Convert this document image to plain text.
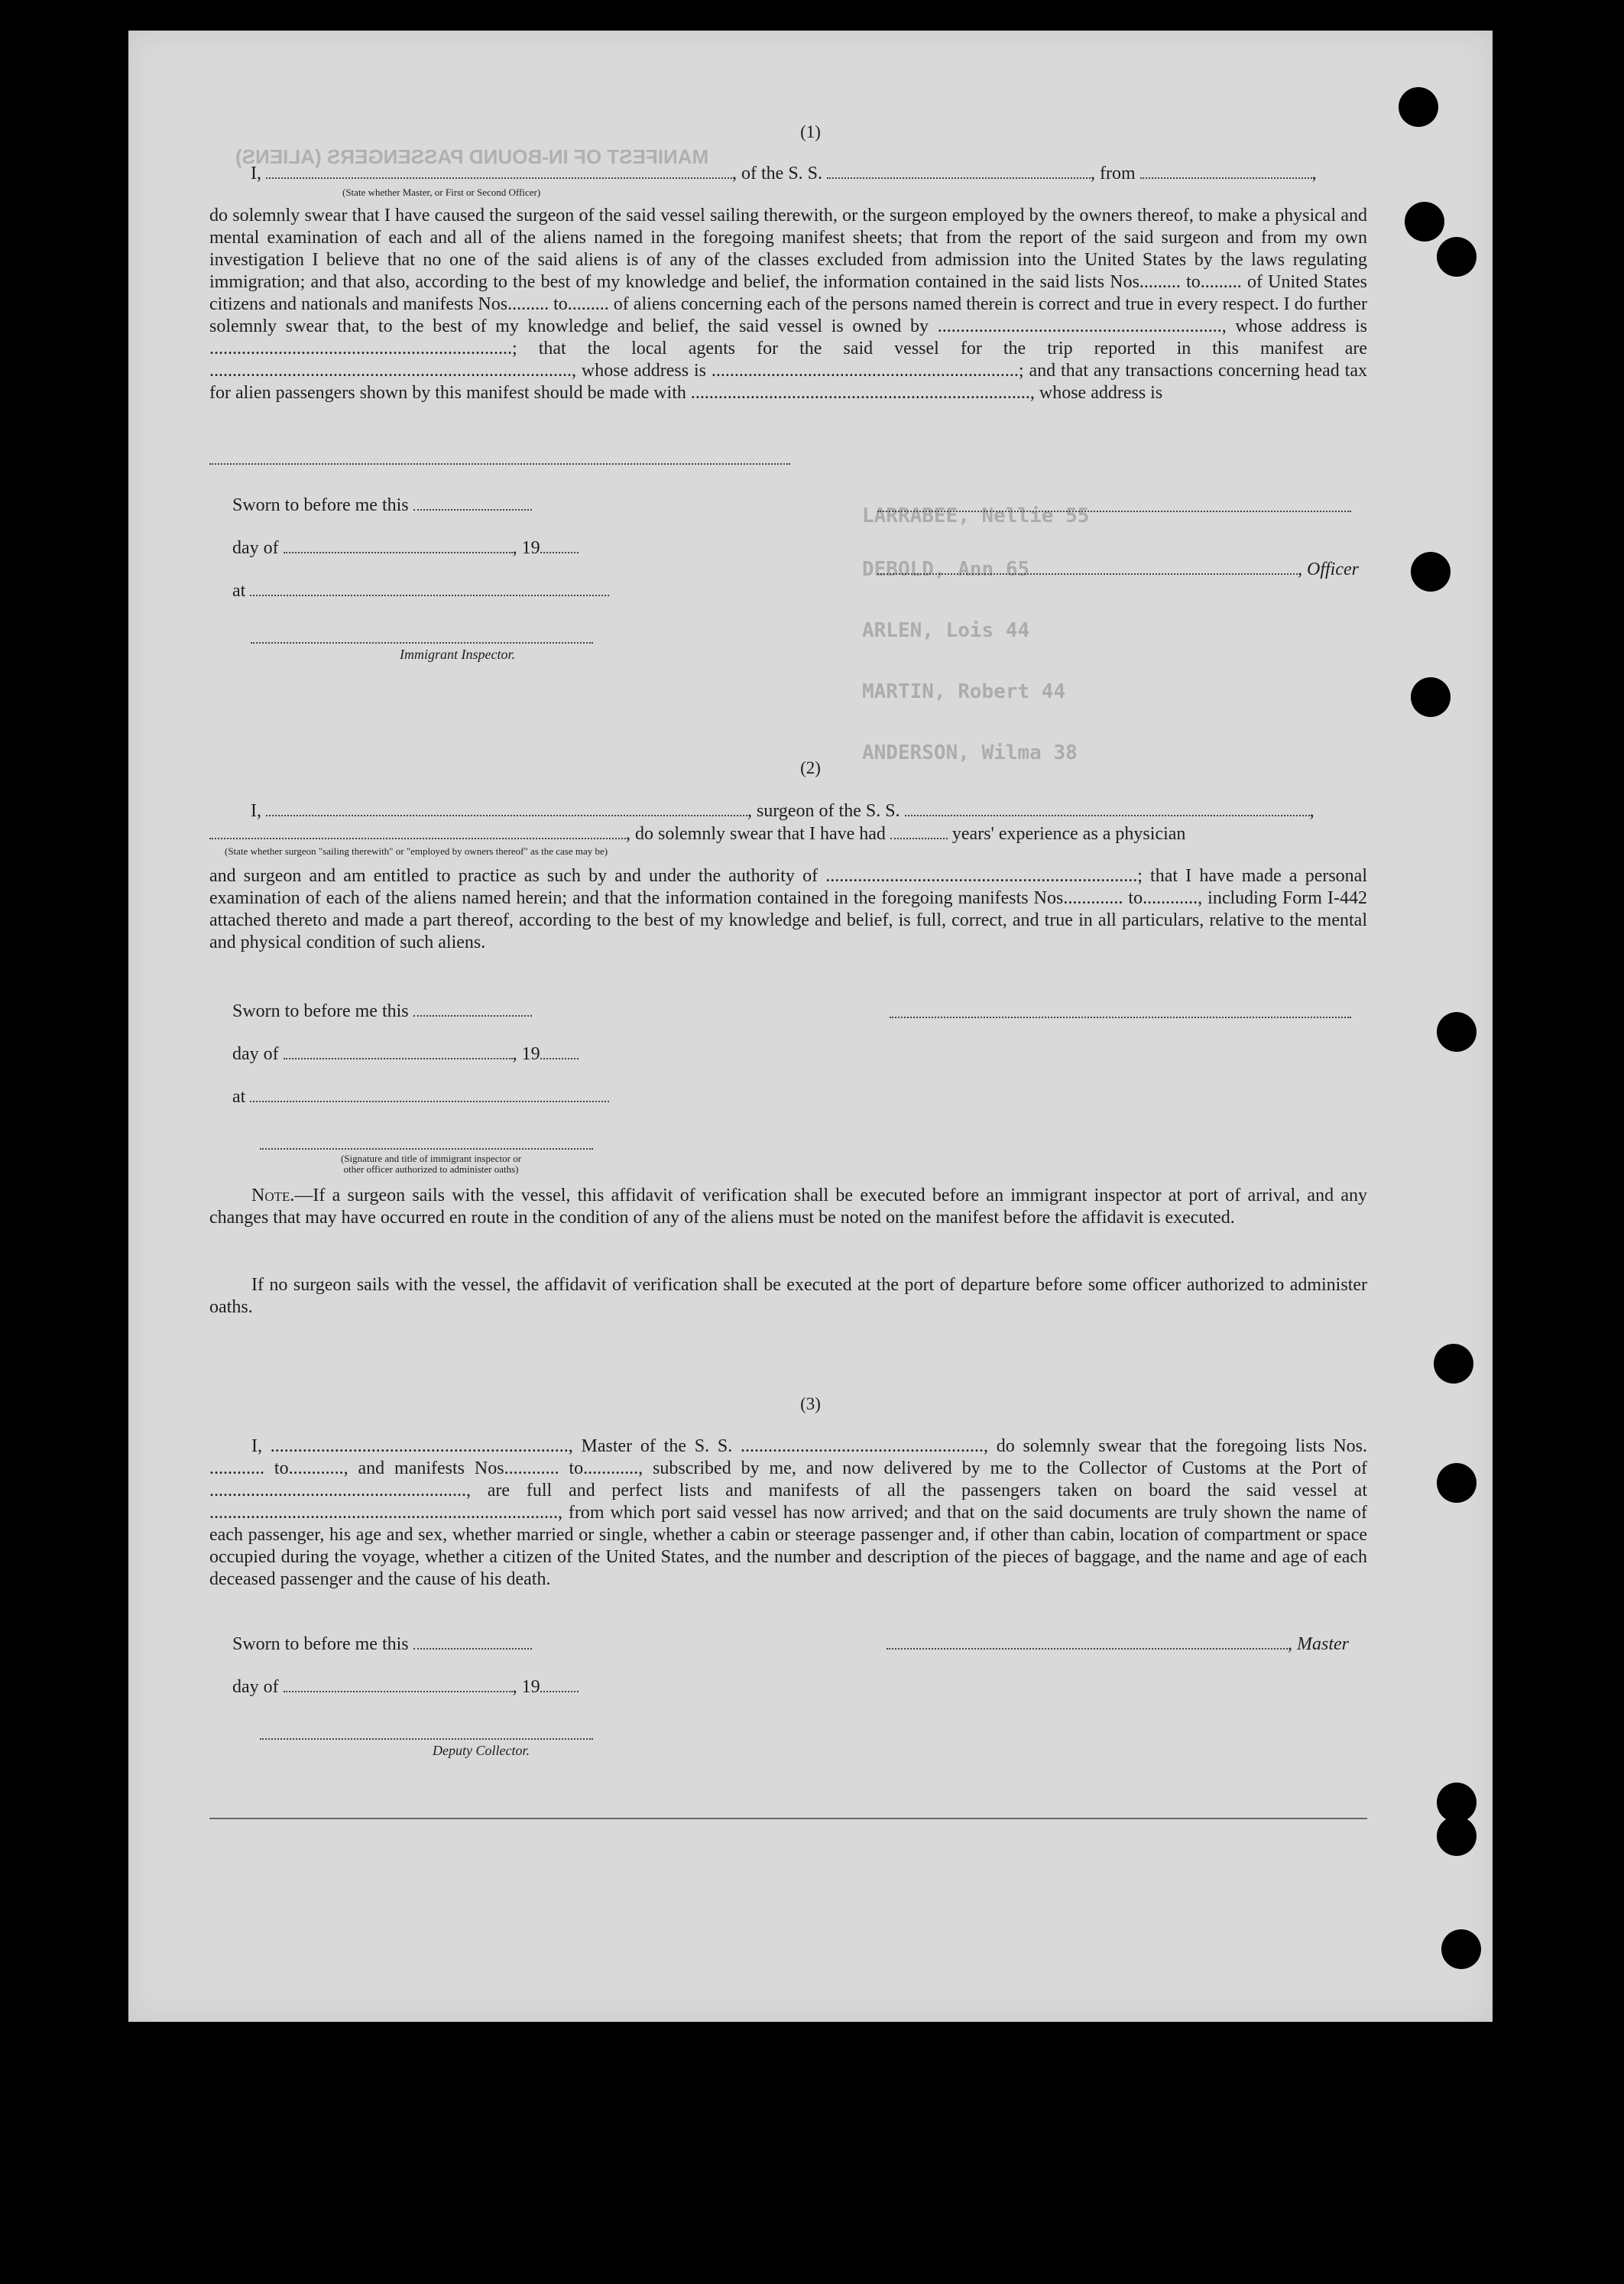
MANIFEST OF IN-BOUND PASSENGERS (ALIENS)
LARRABEE, Nellie 55
DEBOLD, Ann 65
ARLEN, Lois 44
MARTIN, Robert 44
ANDERSON, Wilma 38
(1)
I,	, of the S. S.	, from	,
(State whether Master, or First or Second Officer)

do solemnly swear that I have caused the surgeon of the said vessel sailing therewith, or the surgeon employed by the owners thereof, to make a physical and mental examination of each and all of the aliens named in the foregoing manifest sheets; that from the report of the said surgeon and from my own investigation I believe that no one of the said aliens is of any of the classes excluded from admission into the United States by the laws regulating immigration; and that also, according to the best of my knowledge and belief, the information contained in the said lists Nos......... to......... of United States citizens and nationals and manifests Nos......... to......... of aliens concerning each of the persons named therein is correct and true in every respect. I do further solemnly swear that, to the best of my knowledge and belief, the said vessel is owned by .............................................................., whose address is ..................................................................; that the local agents for the said vessel for the trip reported in this manifest are ..............................................................................., whose address is ...................................................................; and that any transactions concerning head tax for alien passengers shown by this manifest should be made with .........................................................................., whose address is

Sworn to before me this
day of	, 19
, Officer
at
Immigrant Inspector.
(2)
I,	, surgeon of the S. S.	,
, do solemnly swear that I have had	years' experience as a physician
(State whether surgeon "sailing therewith" or "employed by owners thereof" as the case may be)

and surgeon and am entitled to practice as such by and under the authority of ....................................................................; that I have made a personal examination of each of the aliens named herein; and that the information contained in the foregoing manifests Nos............. to............, including Form I-442 attached thereto and made a part thereof, according to the best of my knowledge and belief, is full, correct, and true in all particulars, relative to the mental and physical condition of such aliens.

Sworn to before me this
day of	, 19
at
(Signature and title of immigrant inspector or
other officer authorized to administer oaths)

Note.—If a surgeon sails with the vessel, this affidavit of verification shall be executed before an immigrant inspector at port of arrival, and any changes that may have occurred en route in the condition of any of the aliens must be noted on the manifest before the affidavit is executed.

If no surgeon sails with the vessel, the affidavit of verification shall be executed at the port of departure before some officer authorized to administer oaths.

(3)

I, ................................................................., Master of the S. S. ....................................................., do solemnly swear that the foregoing lists Nos. ............ to............, and manifests Nos............ to............, subscribed by me, and now delivered by me to the Collector of Customs at the Port of ........................................................, are full and perfect lists and manifests of all the passengers taken on board the said vessel at ............................................................................, from which port said vessel has now arrived; and that on the said documents are truly shown the name of each passenger, his age and sex, whether married or single, whether a cabin or steerage passenger and, if other than cabin, location of compartment or space occupied during the voyage, whether a citizen of the United States, and the number and description of the pieces of baggage, and the name and age of each deceased passenger and the cause of his death.

Sworn to before me this	, Master
day of	, 19
Deputy Collector.
